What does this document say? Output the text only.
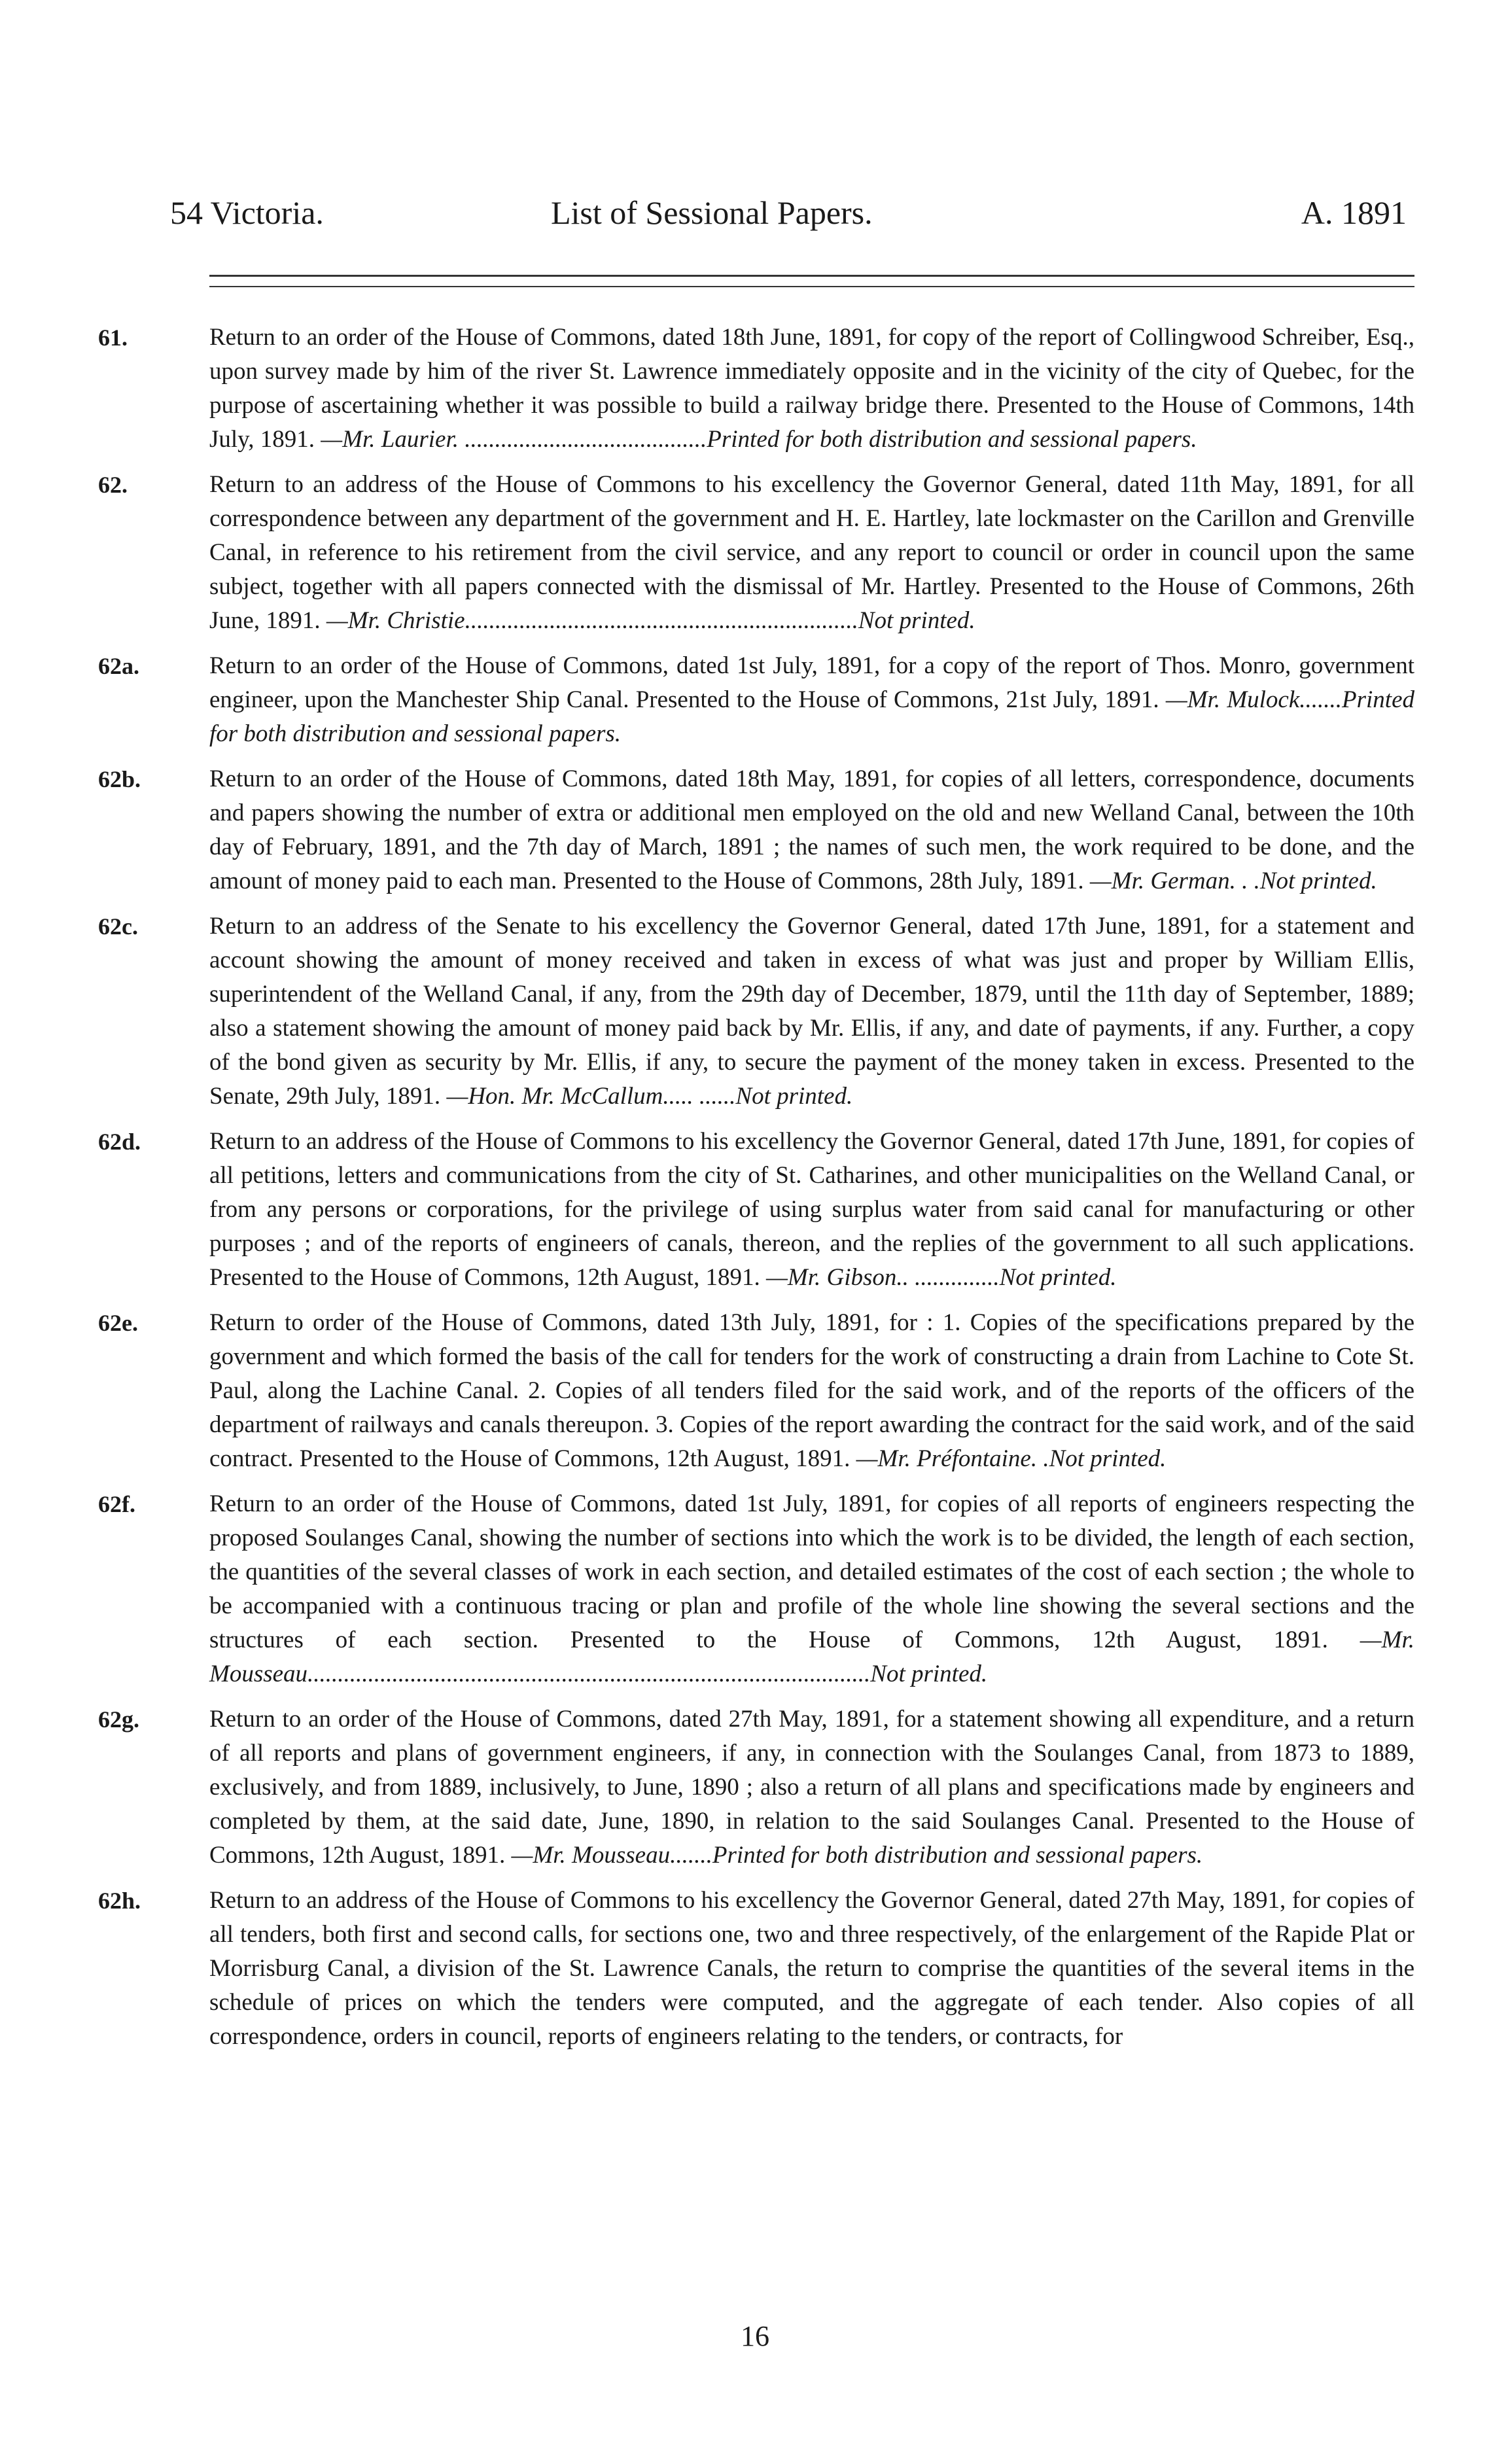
54 Victoria.	List of Sessional Papers.	A. 1891
61.	Return to an order of the House of Commons, dated 18th June, 1891, for copy of the report of Collingwood Schreiber, Esq., upon survey made by him of the river St. Lawrence immediately opposite and in the vicinity of the city of Quebec, for the purpose of ascertaining whether it was possible to build a railway bridge there. Presented to the House of Commons, 14th July, 1891. —Mr. Laurier. ........................................Printed for both distribution and sessional papers.
62.	Return to an address of the House of Commons to his excellency the Governor General, dated 11th May, 1891, for all correspondence between any department of the government and H. E. Hartley, late lockmaster on the Carillon and Grenville Canal, in reference to his retirement from the civil service, and any report to council or order in council upon the same subject, together with all papers connected with the dismissal of Mr. Hartley. Presented to the House of Commons, 26th June, 1891. —Mr. Christie.................................................................Not printed.
62a.	Return to an order of the House of Commons, dated 1st July, 1891, for a copy of the report of Thos. Monro, government engineer, upon the Manchester Ship Canal. Presented to the House of Commons, 21st July, 1891. —Mr. Mulock.......Printed for both distribution and sessional papers.
62b.	Return to an order of the House of Commons, dated 18th May, 1891, for copies of all letters, correspondence, documents and papers showing the number of extra or additional men employed on the old and new Welland Canal, between the 10th day of February, 1891, and the 7th day of March, 1891 ; the names of such men, the work required to be done, and the amount of money paid to each man. Presented to the House of Commons, 28th July, 1891. —Mr. German. . .Not printed.
62c.	Return to an address of the Senate to his excellency the Governor General, dated 17th June, 1891, for a statement and account showing the amount of money received and taken in excess of what was just and proper by William Ellis, superintendent of the Welland Canal, if any, from the 29th day of December, 1879, until the 11th day of September, 1889; also a statement showing the amount of money paid back by Mr. Ellis, if any, and date of payments, if any. Further, a copy of the bond given as security by Mr. Ellis, if any, to secure the payment of the money taken in excess. Presented to the Senate, 29th July, 1891. —Hon. Mr. McCallum..... ......Not printed.
62d.	Return to an address of the House of Commons to his excellency the Governor General, dated 17th June, 1891, for copies of all petitions, letters and communications from the city of St. Catharines, and other municipalities on the Welland Canal, or from any persons or corporations, for the privilege of using surplus water from said canal for manufacturing or other purposes ; and of the reports of engineers of canals, thereon, and the replies of the government to all such applications. Presented to the House of Commons, 12th August, 1891. —Mr. Gibson.. ..............Not printed.
62e.	Return to order of the House of Commons, dated 13th July, 1891, for : 1. Copies of the specifications prepared by the government and which formed the basis of the call for tenders for the work of constructing a drain from Lachine to Cote St. Paul, along the Lachine Canal. 2. Copies of all tenders filed for the said work, and of the reports of the officers of the department of railways and canals thereupon. 3. Copies of the report awarding the contract for the said work, and of the said contract. Presented to the House of Commons, 12th August, 1891. —Mr. Préfontaine. .Not printed.
62f.	Return to an order of the House of Commons, dated 1st July, 1891, for copies of all reports of engineers respecting the proposed Soulanges Canal, showing the number of sections into which the work is to be divided, the length of each section, the quantities of the several classes of work in each section, and detailed estimates of the cost of each section ; the whole to be accompanied with a continuous tracing or plan and profile of the whole line showing the several sections and the structures of each section. Presented to the House of Commons, 12th August, 1891. —Mr. Mousseau.............................................................................................Not printed.
62g.	Return to an order of the House of Commons, dated 27th May, 1891, for a statement showing all expenditure, and a return of all reports and plans of government engineers, if any, in connection with the Soulanges Canal, from 1873 to 1889, exclusively, and from 1889, inclusively, to June, 1890 ; also a return of all plans and specifications made by engineers and completed by them, at the said date, June, 1890, in relation to the said Soulanges Canal. Presented to the House of Commons, 12th August, 1891. —Mr. Mousseau.......Printed for both distribution and sessional papers.
62h.	Return to an address of the House of Commons to his excellency the Governor General, dated 27th May, 1891, for copies of all tenders, both first and second calls, for sections one, two and three respectively, of the enlargement of the Rapide Plat or Morrisburg Canal, a division of the St. Lawrence Canals, the return to comprise the quantities of the several items in the schedule of prices on which the tenders were computed, and the aggregate of each tender. Also copies of all correspondence, orders in council, reports of engineers relating to the tenders, or contracts, for
16
